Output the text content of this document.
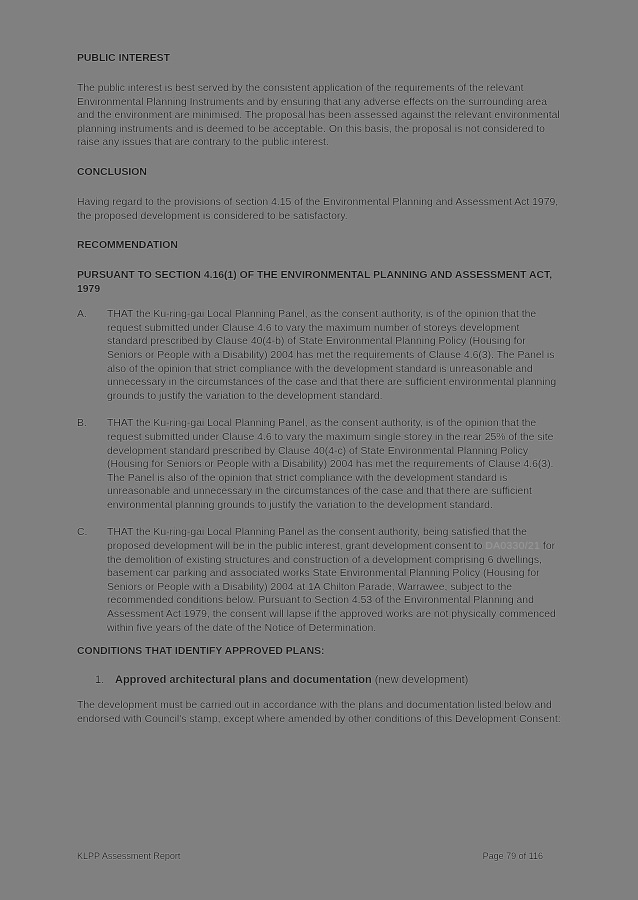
PUBLIC INTEREST

The public interest is best served by the consistent application of the requirements of the relevant Environmental Planning Instruments and by ensuring that any adverse effects on the surrounding area and the environment are minimised. The proposal has been assessed against the relevant environmental planning instruments and is deemed to be acceptable. On this basis, the proposal is not considered to raise any issues that are contrary to the public interest.

CONCLUSION

Having regard to the provisions of section 4.15 of the Environmental Planning and Assessment Act 1979, the proposed development is considered to be satisfactory.

RECOMMENDATION

PURSUANT TO SECTION 4.16(1) OF THE ENVIRONMENTAL PLANNING AND ASSESSMENT ACT, 1979

A.	THAT the Ku-ring-gai Local Planning Panel, as the consent authority, is of the opinion that the request submitted under Clause 4.6 to vary the maximum number of storeys development standard prescribed by Clause 40(4-b) of State Environmental Planning Policy (Housing for Seniors or People with a Disability) 2004 has met the requirements of Clause 4.6(3). The Panel is also of the opinion that strict compliance with the development standard is unreasonable and unnecessary in the circumstances of the case and that there are sufficient environmental planning grounds to justify the variation to the development standard.
B.	THAT the Ku-ring-gai Local Planning Panel, as the consent authority, is of the opinion that the request submitted under Clause 4.6 to vary the maximum single storey in the rear 25% of the site development standard prescribed by Clause 40(4-c) of State Environmental Planning Policy (Housing for Seniors or People with a Disability) 2004 has met the requirements of Clause 4.6(3). The Panel is also of the opinion that strict compliance with the development standard is unreasonable and unnecessary in the circumstances of the case and that there are sufficient environmental planning grounds to justify the variation to the development standard.
C.	THAT the Ku-ring-gai Local Planning Panel as the consent authority, being satisfied that the proposed development will be in the public interest, grant development consent to DA0330/21 for the demolition of existing structures and construction of a development comprising 6 dwellings, basement car parking and associated works State Environmental Planning Policy (Housing for Seniors or People with a Disability) 2004 at 1A Chilton Parade, Warrawee, subject to the recommended conditions below. Pursuant to Section 4.53 of the Environmental Planning and Assessment Act 1979, the consent will lapse if the approved works are not physically commenced within five years of the date of the Notice of Determination.

CONDITIONS THAT IDENTIFY APPROVED PLANS:

1. Approved architectural plans and documentation (new development)

The development must be carried out in accordance with the plans and documentation listed below and endorsed with Council's stamp, except where amended by other conditions of this Development Consent:

KLPP Assessment Report	Page 79 of 116
